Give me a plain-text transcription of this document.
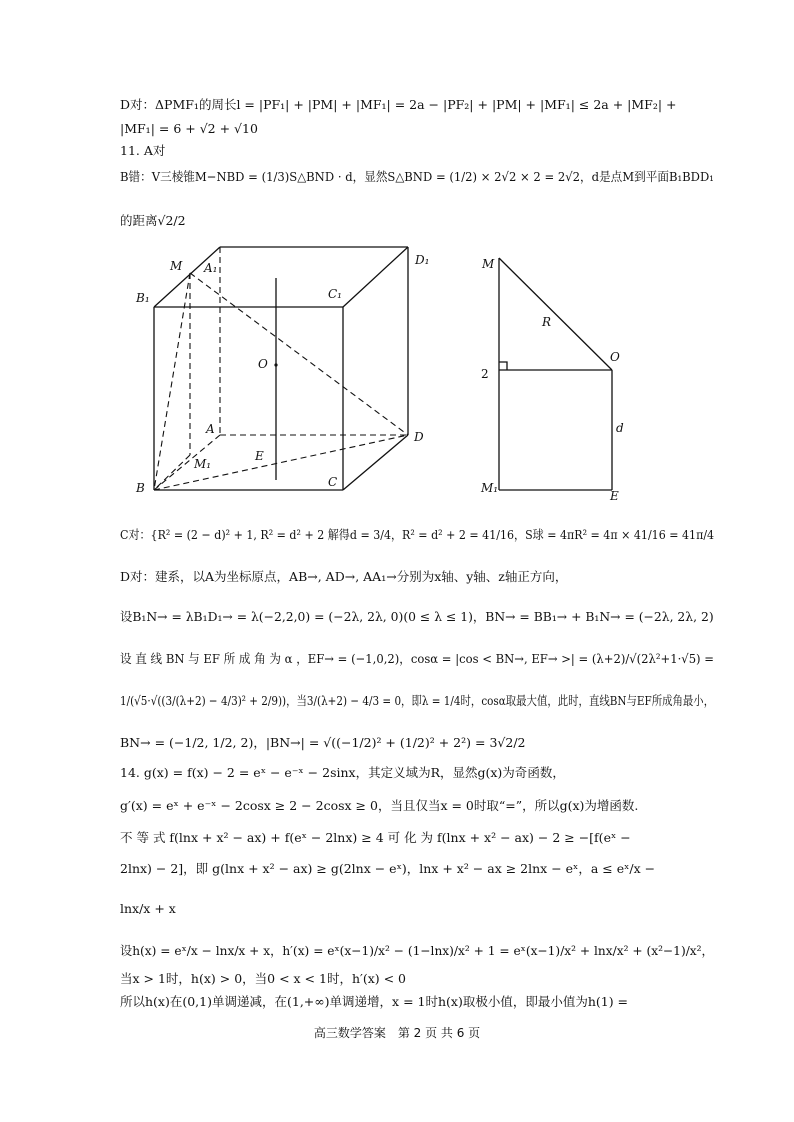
D对：ΔPMF₁的周长l = |PF₁| + |PM| + |MF₁| = 2a − |PF₂| + |PM| + |MF₁| ≤ 2a + |MF₂| +
|MF₁| = 6 + √2 + √10
11. A对
B错：V三棱锥M−NBD = (1/3)S△BND · d，显然S△BND = (1/2) × 2√2 × 2 = 2√2，d是点M到平面B₁BDD₁
的距离√2/2
M A₁
D₁
B₁	C₁
O
A
D
M₁
E
B	C
M
R
O
2
d
M₁
E
C对：{R² = (2 − d)² + 1, R² = d² + 2 解得d = 3/4，R² = d² + 2 = 41/16，S球 = 4πR² = 4π × 41/16 = 41π/4
D对：建系，以A为坐标原点，AB→, AD→, AA₁→分别为x轴、y轴、z轴正方向，
设B₁N→ = λB₁D₁→ = λ(−2,2,0) = (−2λ, 2λ, 0)(0 ≤ λ ≤ 1)，BN→ = BB₁→ + B₁N→ = (−2λ, 2λ, 2)
设 直 线 BN 与 EF 所 成 角 为 α ，EF→ = (−1,0,2)，cosα = |cos < BN→, EF→ >| = (λ+2)/√(2λ²+1·√5) =
1/(√5·√((3/(λ+2) − 4/3)² + 2/9))，当3/(λ+2) − 4/3 = 0，即λ = 1/4时，cosα取最大值，此时，直线BN与EF所成角最小，
BN→ = (−1/2, 1/2, 2)，|BN→| = √((−1/2)² + (1/2)² + 2²) = 3√2/2
14. g(x) = f(x) − 2 = eˣ − e⁻ˣ − 2sinx，其定义域为R，显然g(x)为奇函数，
g′(x) = eˣ + e⁻ˣ − 2cosx ≥ 2 − 2cosx ≥ 0，当且仅当x = 0时取“=”，所以g(x)为增函数.
不 等 式 f(lnx + x² − ax) + f(eˣ − 2lnx) ≥ 4 可 化 为 f(lnx + x² − ax) − 2 ≥ −[f(eˣ −
2lnx) − 2]，即 g(lnx + x² − ax) ≥ g(2lnx − eˣ)，lnx + x² − ax ≥ 2lnx − eˣ，a ≤ eˣ/x −
lnx/x + x
设h(x) = eˣ/x − lnx/x + x，h′(x) = eˣ(x−1)/x² − (1−lnx)/x² + 1 = eˣ(x−1)/x² + lnx/x² + (x²−1)/x²，
当x > 1时，h(x) > 0，当0 < x < 1时，h′(x) < 0
所以h(x)在(0,1)单调递减，在(1,+∞)单调递增，x = 1时h(x)取极小值，即最小值为h(1) =
高三数学答案　第 2 页 共 6 页
